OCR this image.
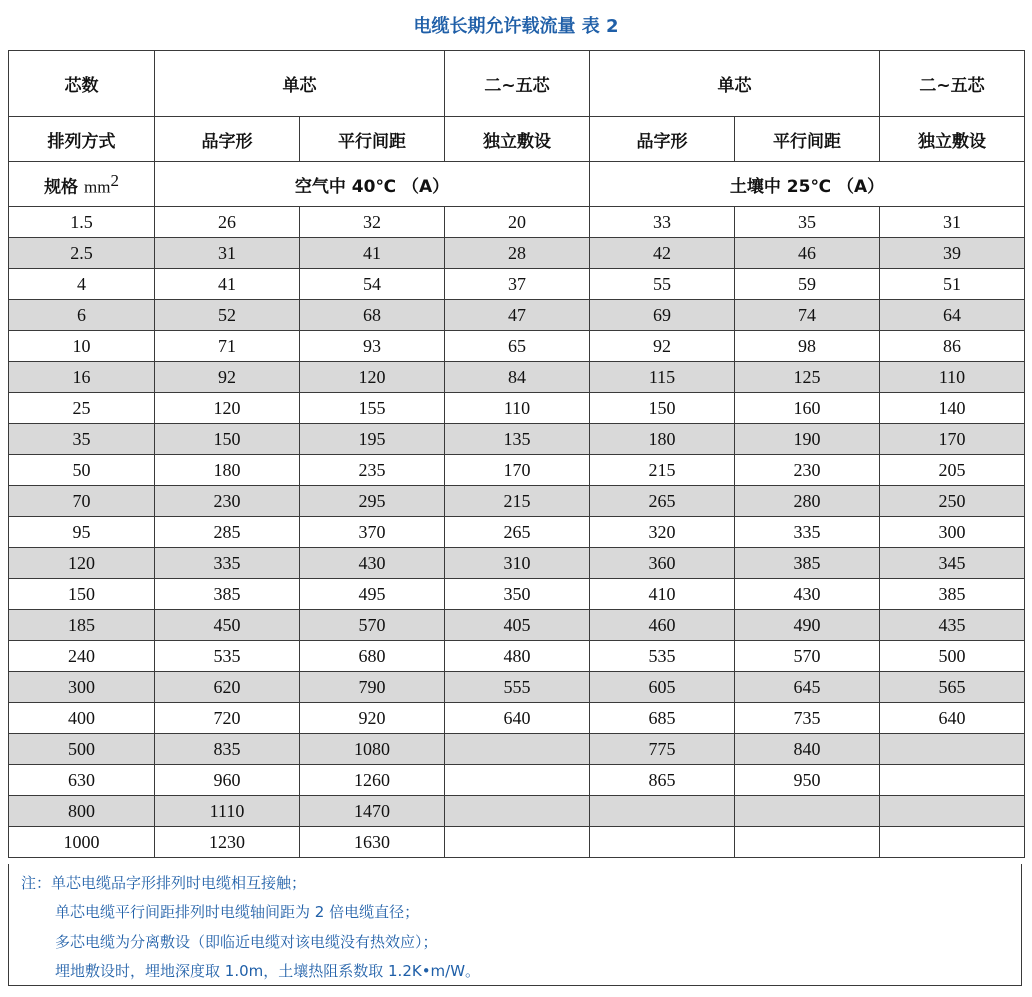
电缆长期允许载流量 表 2
芯数	单芯		二~五芯	单芯		二~五芯
排列方式	品字形	平行间距	独立敷设	品字形	平行间距	独立敷设
规格 mm2	空气中 40℃ （A）			土壤中 25℃ （A）		
1.5	26	32	20	33	35	31
2.5	31	41	28	42	46	39
4	41	54	37	55	59	51
6	52	68	47	69	74	64
10	71	93	65	92	98	86
16	92	120	84	115	125	110
25	120	155	110	150	160	140
35	150	195	135	180	190	170
50	180	235	170	215	230	205
70	230	295	215	265	280	250
95	285	370	265	320	335	300
120	335	430	310	360	385	345
150	385	495	350	410	430	385
185	450	570	405	460	490	435
240	535	680	480	535	570	500
300	620	790	555	605	645	565
400	720	920	640	685	735	640
500	835	1080		775	840	
630	960	1260		865	950	
800	1110	1470				
1000	1230	1630				
注：单芯电缆品字形排列时电缆相互接触；
单芯电缆平行间距排列时电缆轴间距为 2 倍电缆直径；
多芯电缆为分离敷设（即临近电缆对该电缆没有热效应）；
埋地敷设时，埋地深度取 1.0m，土壤热阻系数取 1.2K•m/W。
